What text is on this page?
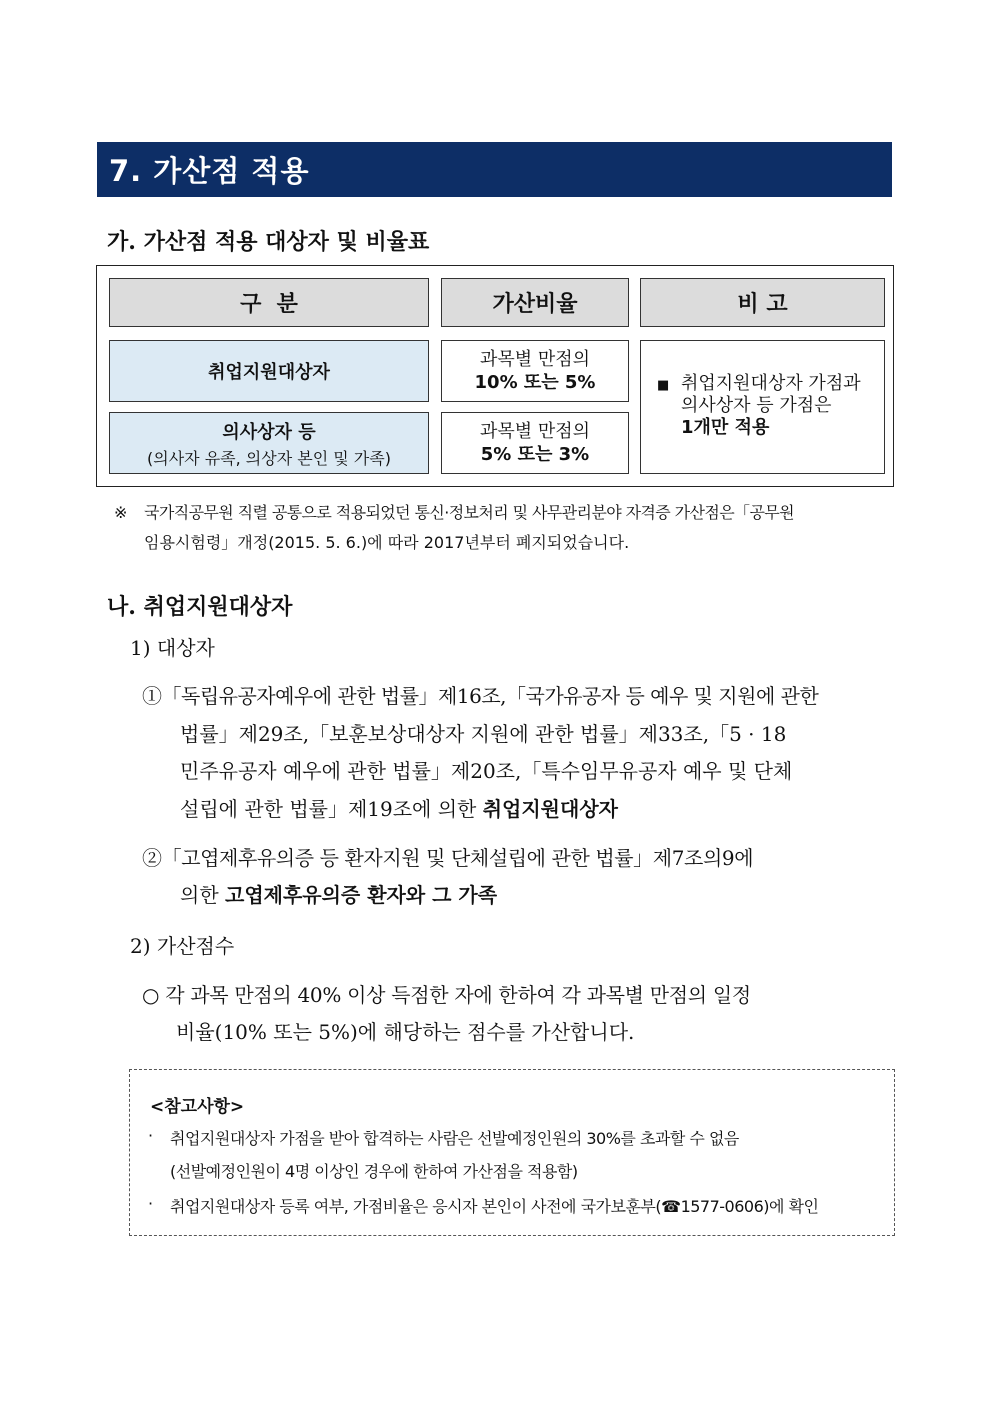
7. 가산점 적용
가. 가산점 적용 대상자 및 비율표
구  분	가산비율	비 고
취업지원대상자
과목별 만점의
10% 또는 5%
의사상자 등
(의사자 유족, 의상자 본인 및 가족)
과목별 만점의
5% 또는 3%
■ 취업지원대상자 가점과
의사상자 등 가점은
1개만 적용
※ 국가직공무원 직렬 공통으로 적용되었던 통신·정보처리 및 사무관리분야 자격증 가산점은「공무원
임용시험령」개정(2015. 5. 6.)에 따라 2017년부터 폐지되었습니다.
나. 취업지원대상자
1) 대상자
①「독립유공자예우에 관한 법률」제16조,「국가유공자 등 예우 및 지원에 관한
법률」제29조,「보훈보상대상자 지원에 관한 법률」제33조,「5 · 18
민주유공자 예우에 관한 법률」제20조,「특수임무유공자 예우 및 단체
설립에 관한 법률」제19조에 의한 취업지원대상자
②「고엽제후유의증 등 환자지원 및 단체설립에 관한 법률」제7조의9에
의한 고엽제후유의증 환자와 그 가족
2) 가산점수
○ 각 과목 만점의 40% 이상 득점한 자에 한하여 각 과목별 만점의 일정
비율(10% 또는 5%)에 해당하는 점수를 가산합니다.
<참고사항>
· 취업지원대상자 가점을 받아 합격하는 사람은 선발예정인원의 30%를 초과할 수 없음
(선발예정인원이 4명 이상인 경우에 한하여 가산점을 적용함)
· 취업지원대상자 등록 여부, 가점비율은 응시자 본인이 사전에 국가보훈부(☎1577-0606)에 확인
